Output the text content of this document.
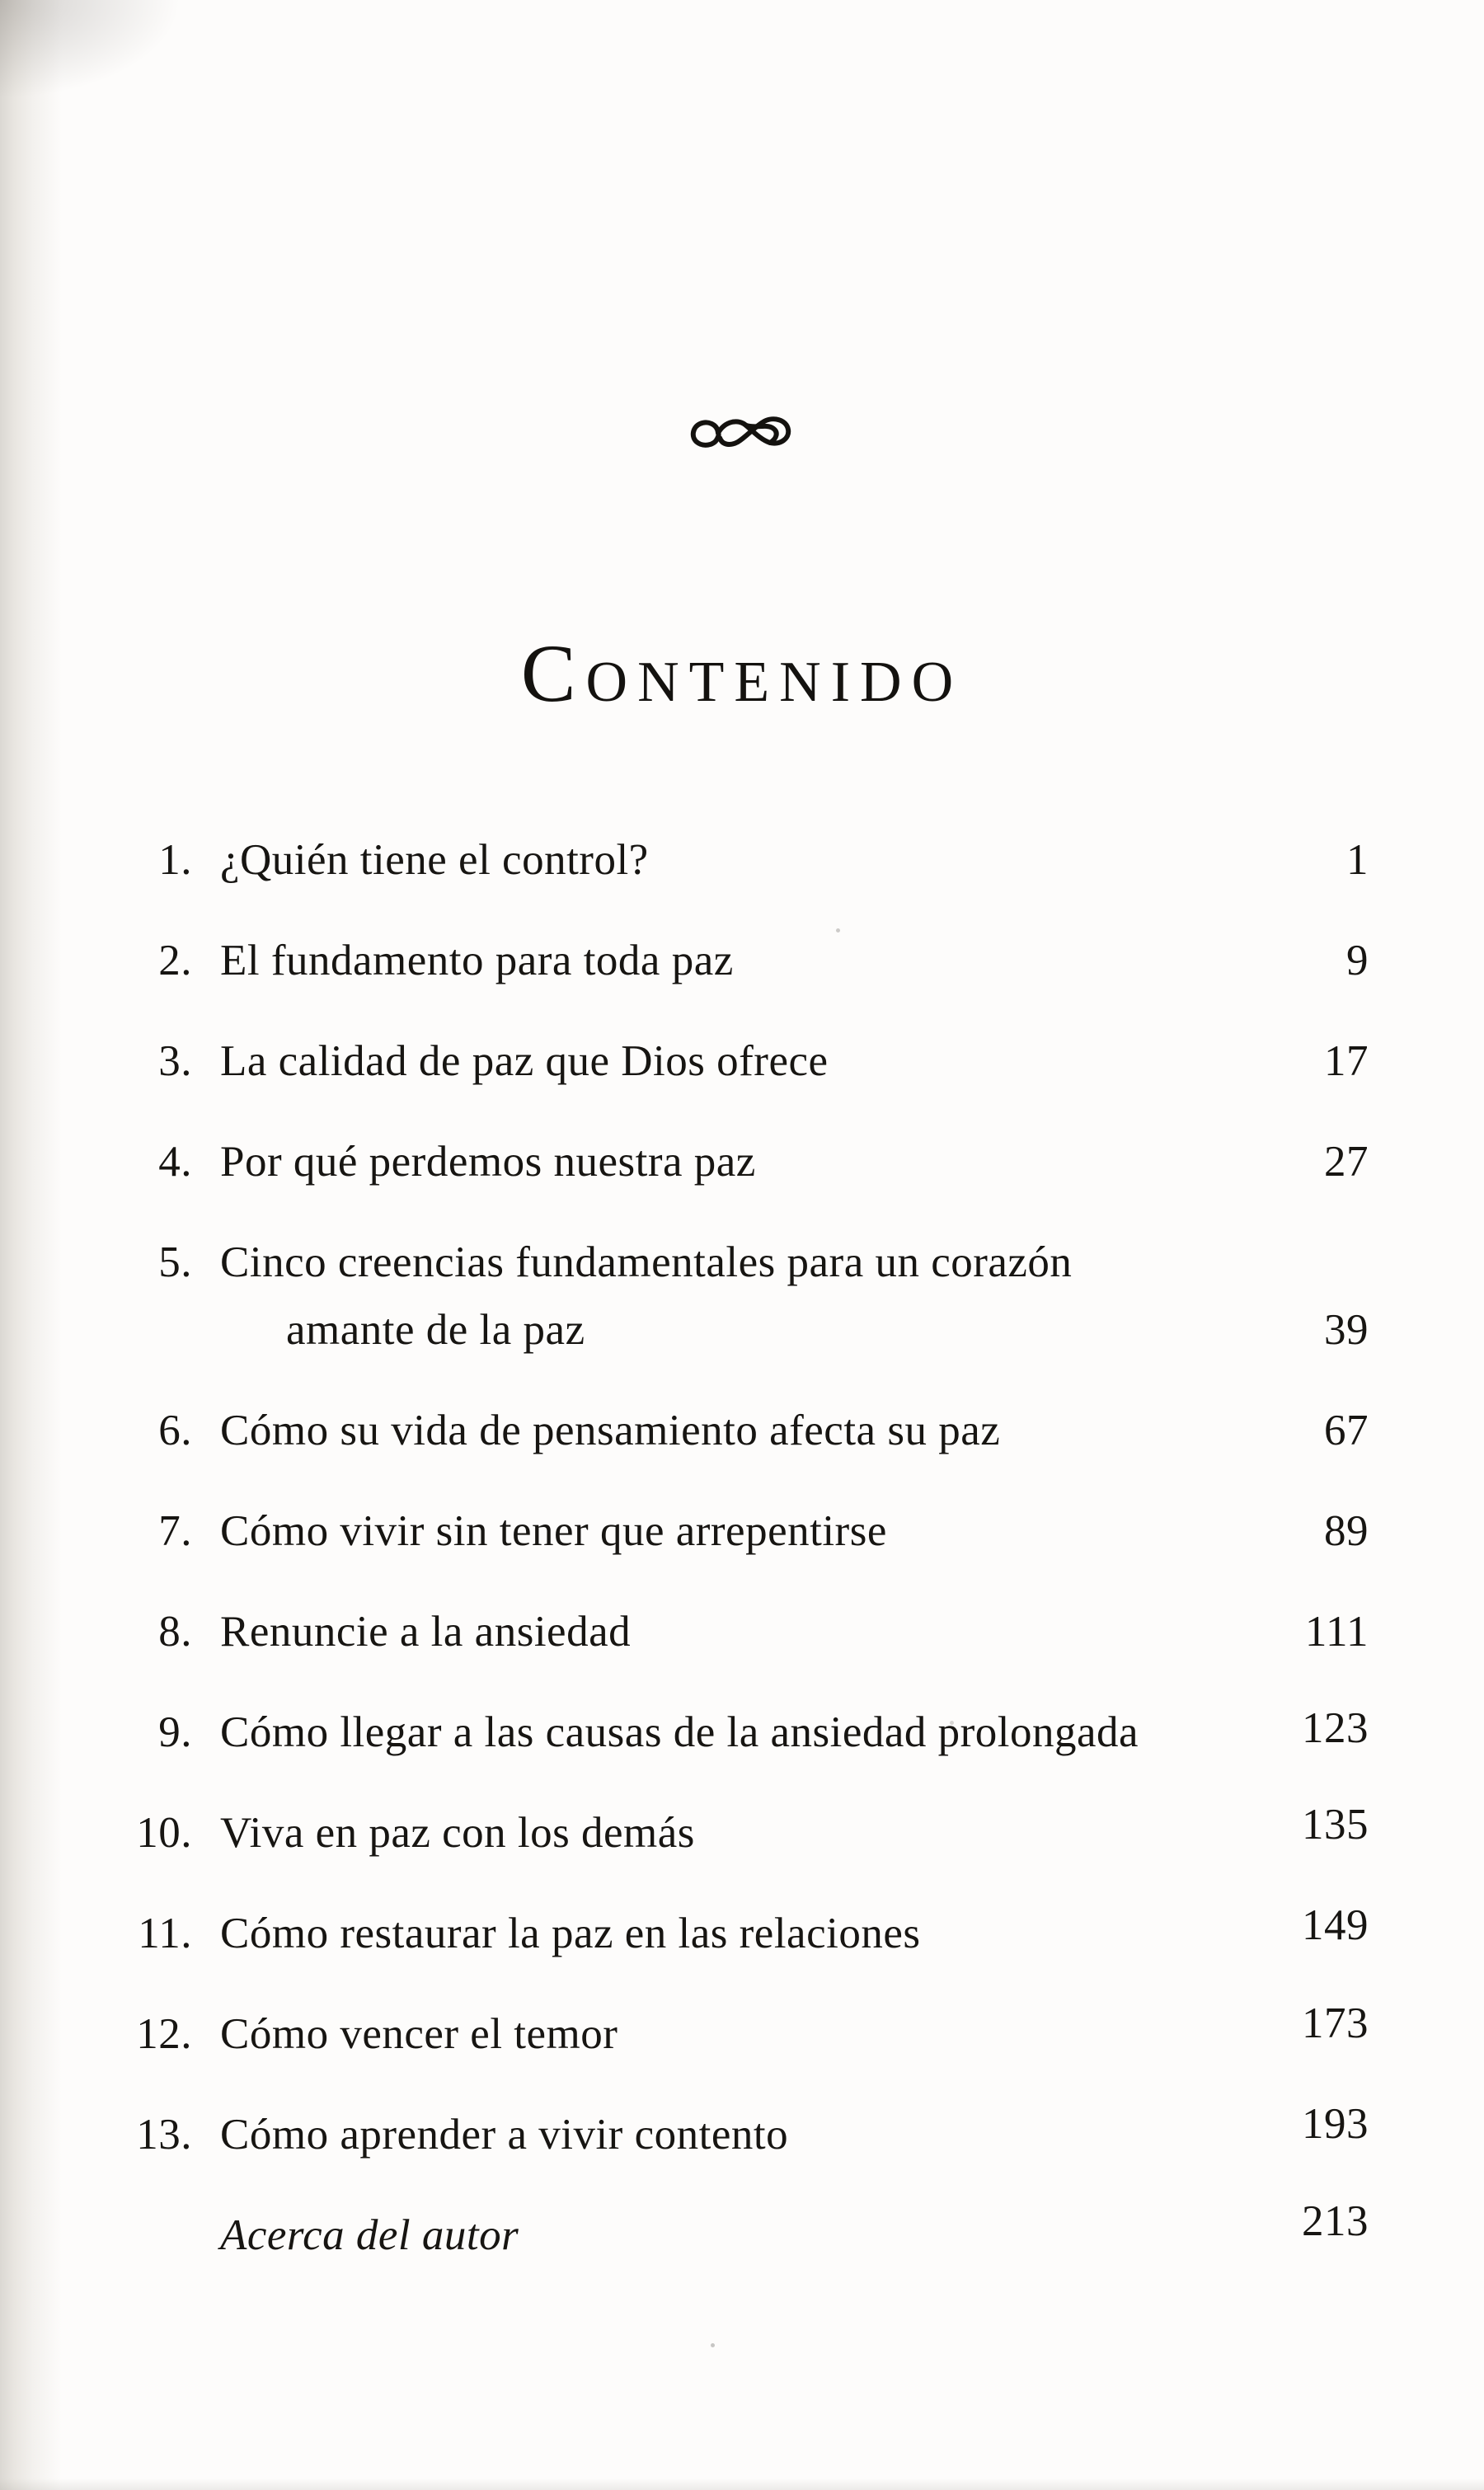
Contenido
1. ¿Quién tiene el control?	1
2. El fundamento para toda paz	9
3. La calidad de paz que Dios ofrece	17
4. Por qué perdemos nuestra paz	27
5. Cinco creencias fundamentales para un corazón
amante de la paz	39
6. Cómo su vida de pensamiento afecta su paz	67
7. Cómo vivir sin tener que arrepentirse	89
8. Renuncie a la ansiedad	111
9. Cómo llegar a las causas de la ansiedad prolongada	123
10. Viva en paz con los demás	135
11. Cómo restaurar la paz en las relaciones	149
12. Cómo vencer el temor	173
13. Cómo aprender a vivir contento	193
Acerca del autor	213
